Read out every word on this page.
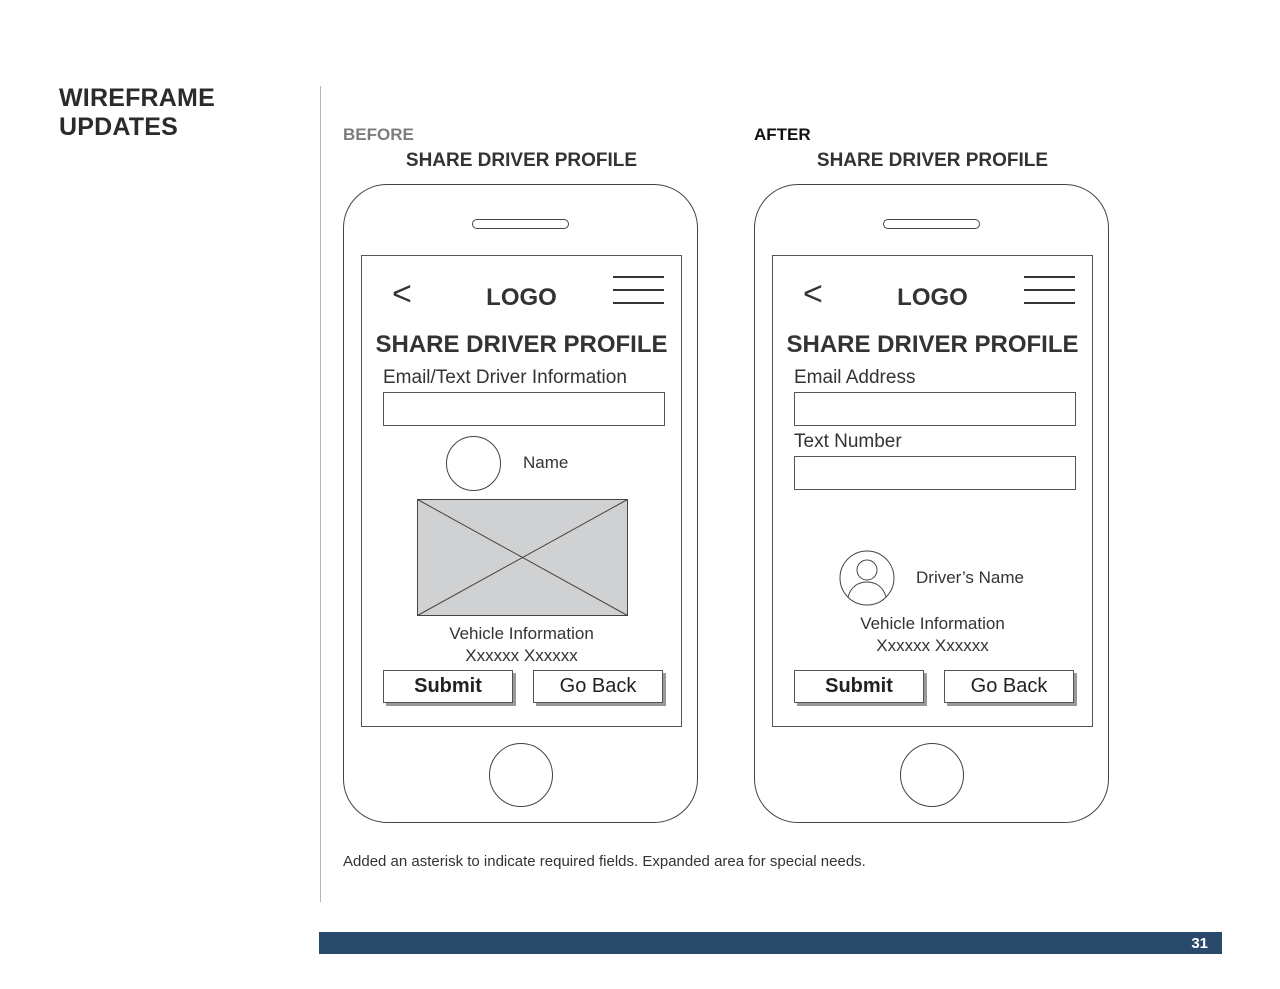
WIREFRAME
UPDATES	BEFORE	AFTER
SHARE DRIVER PROFILE	SHARE DRIVER PROFILE
<	LOGO
SHARE DRIVER PROFILE
Email/Text Driver Information
Name
Vehicle Information
Xxxxxx Xxxxxx
Submit	Go Back
<	LOGO
SHARE DRIVER PROFILE
Email Address
Text Number
Driver’s Name
Vehicle Information
Xxxxxx Xxxxxx
Submit	Go Back
Added an asterisk to indicate required fields. Expanded area for special needs.
31
